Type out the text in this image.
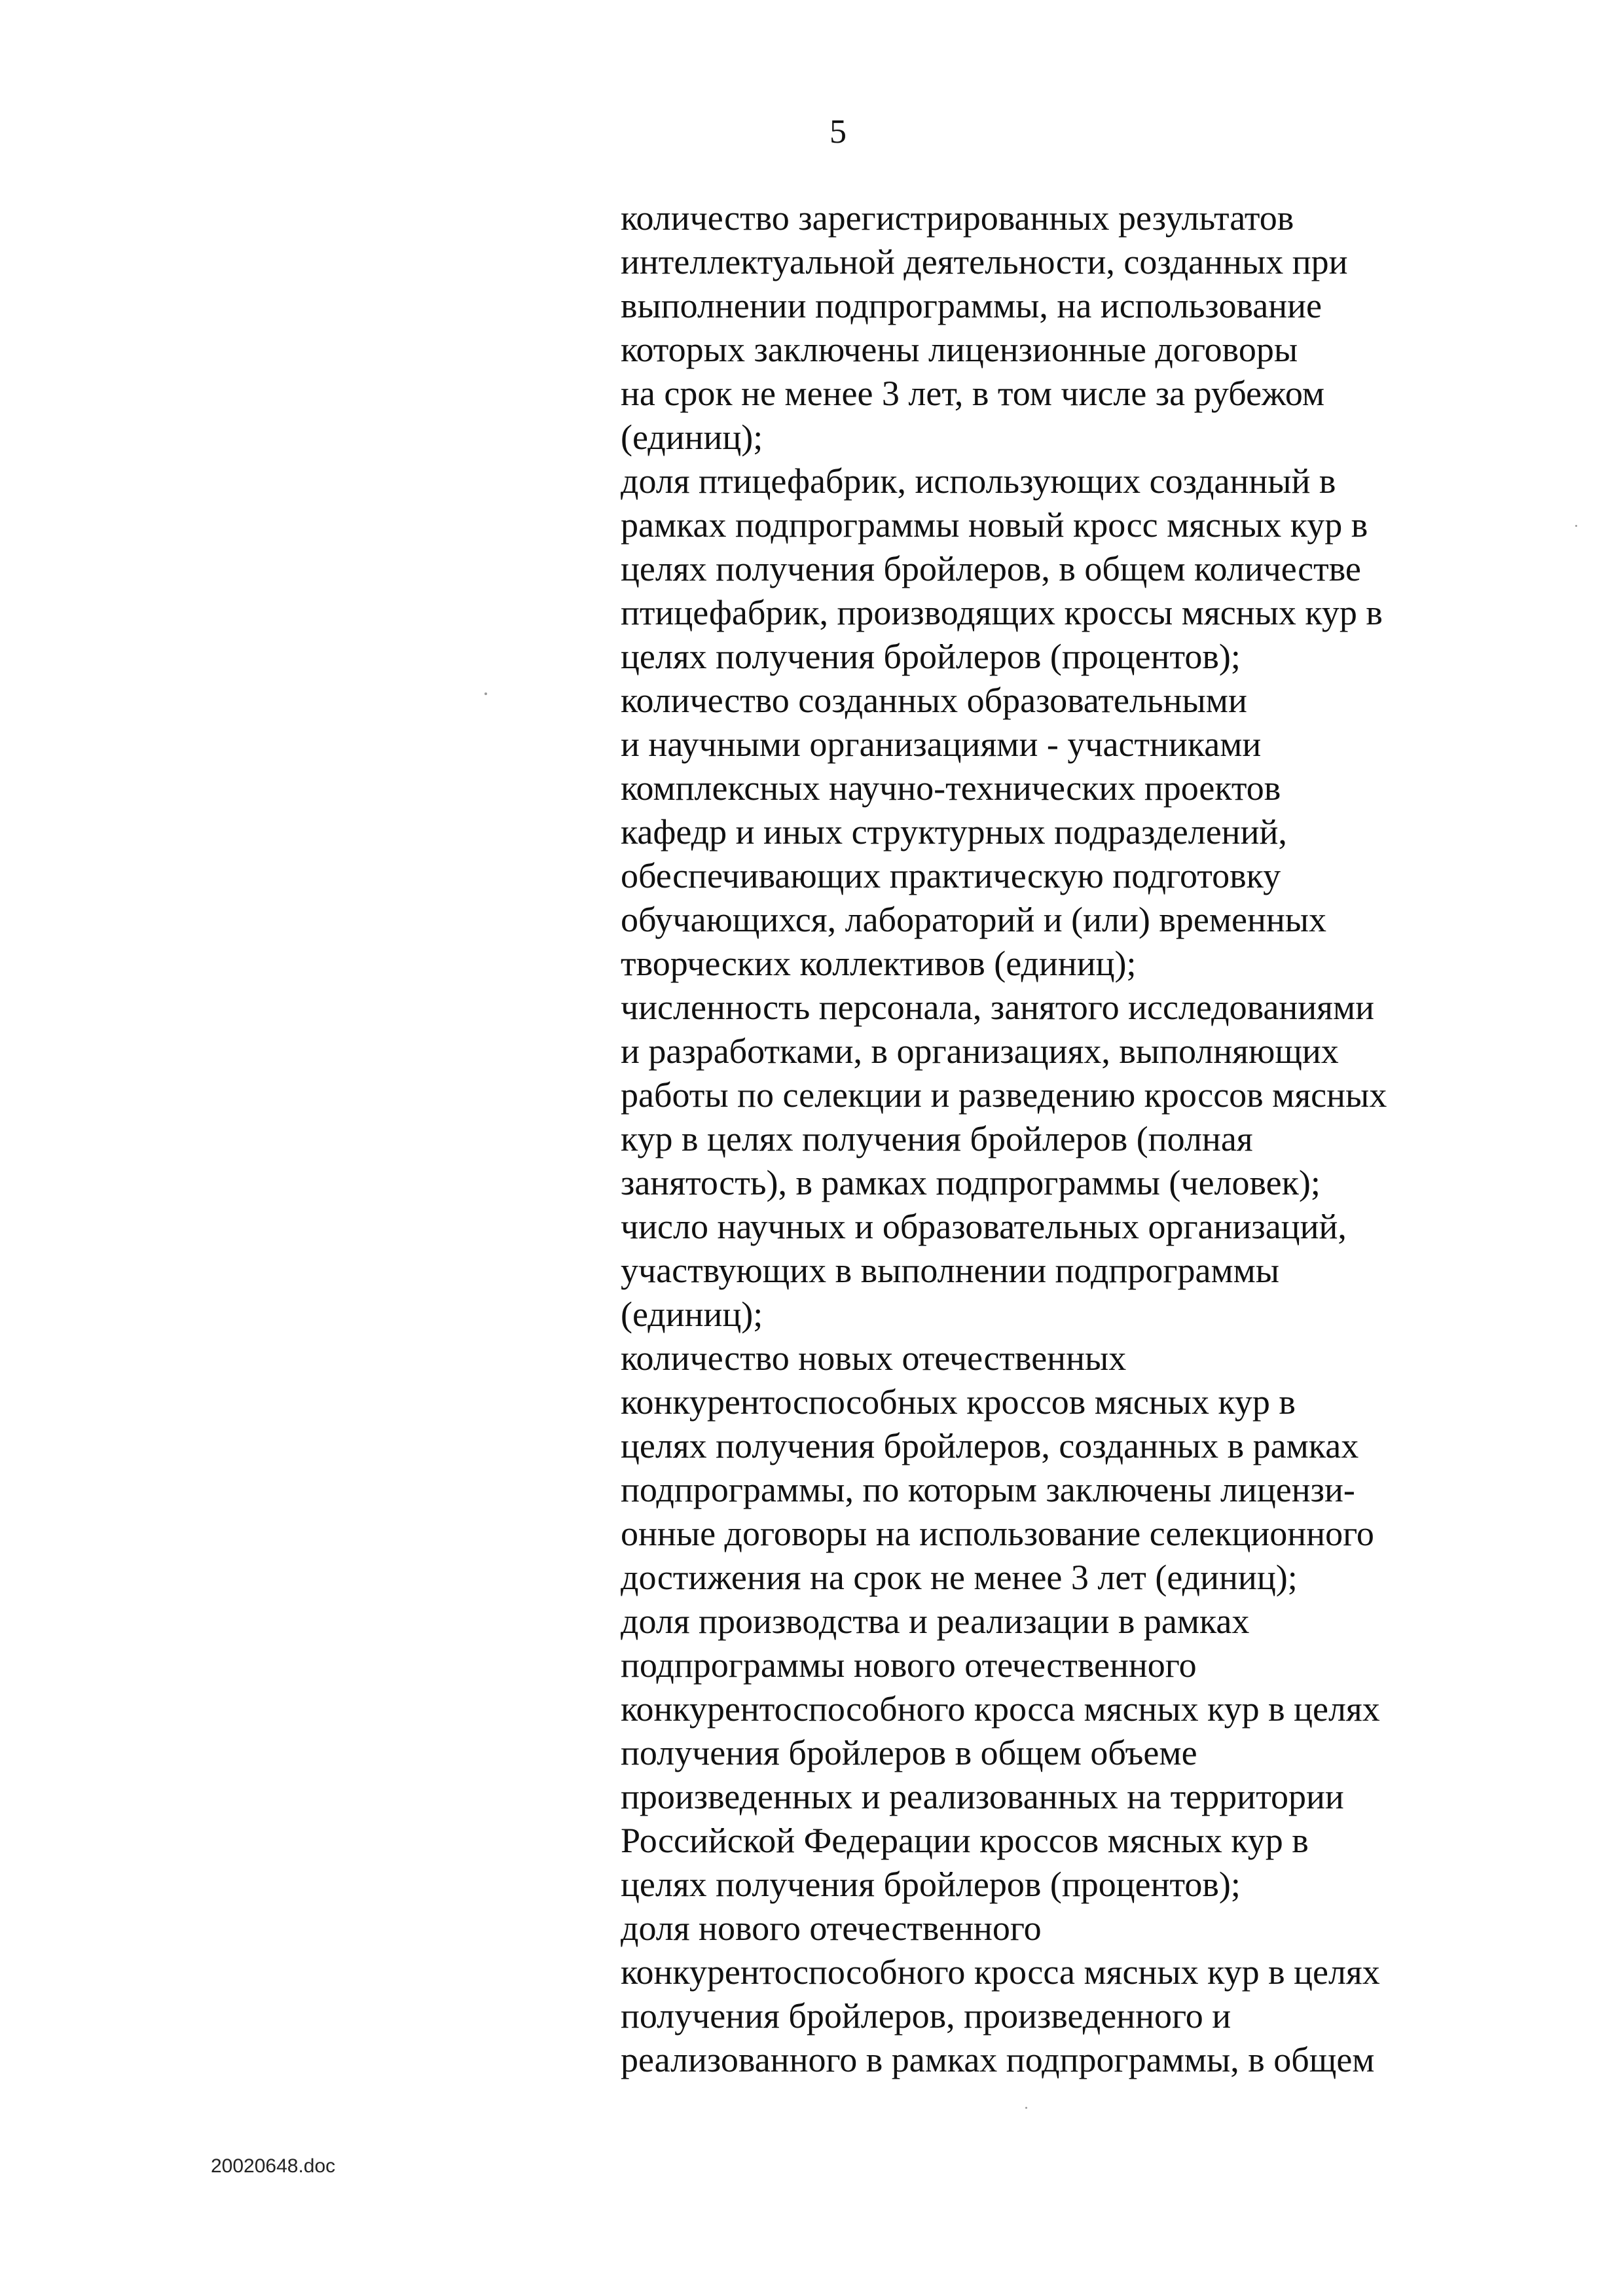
5
количество зарегистрированных результатов
интеллектуальной деятельности, созданных при
выполнении подпрограммы, на использование
которых заключены лицензионные договоры
на срок не менее 3 лет, в том числе за рубежом
(единиц);
доля птицефабрик, использующих созданный в
рамках подпрограммы новый кросс мясных кур в
целях получения бройлеров, в общем количестве
птицефабрик, производящих кроссы мясных кур в
целях получения бройлеров (процентов);
количество созданных образовательными
и научными организациями - участниками
комплексных научно-технических проектов
кафедр и иных структурных подразделений,
обеспечивающих практическую подготовку
обучающихся, лабораторий и (или) временных
творческих коллективов (единиц);
численность персонала, занятого исследованиями
и разработками, в организациях, выполняющих
работы по селекции и разведению кроссов мясных
кур в целях получения бройлеров (полная
занятость), в рамках подпрограммы (человек);
число научных и образовательных организаций,
участвующих в выполнении подпрограммы
(единиц);
количество новых отечественных
конкурентоспособных кроссов мясных кур в
целях получения бройлеров, созданных в рамках
подпрограммы, по которым заключены лицензи-
онные договоры на использование селекционного
достижения на срок не менее 3 лет (единиц);
доля производства и реализации в рамках
подпрограммы нового отечественного
конкурентоспособного кросса мясных кур в целях
получения бройлеров в общем объеме
произведенных и реализованных на территории
Российской Федерации кроссов мясных кур в
целях получения бройлеров (процентов);
доля нового отечественного
конкурентоспособного кросса мясных кур в целях
получения бройлеров, произведенного и
реализованного в рамках подпрограммы, в общем
20020648.doc
